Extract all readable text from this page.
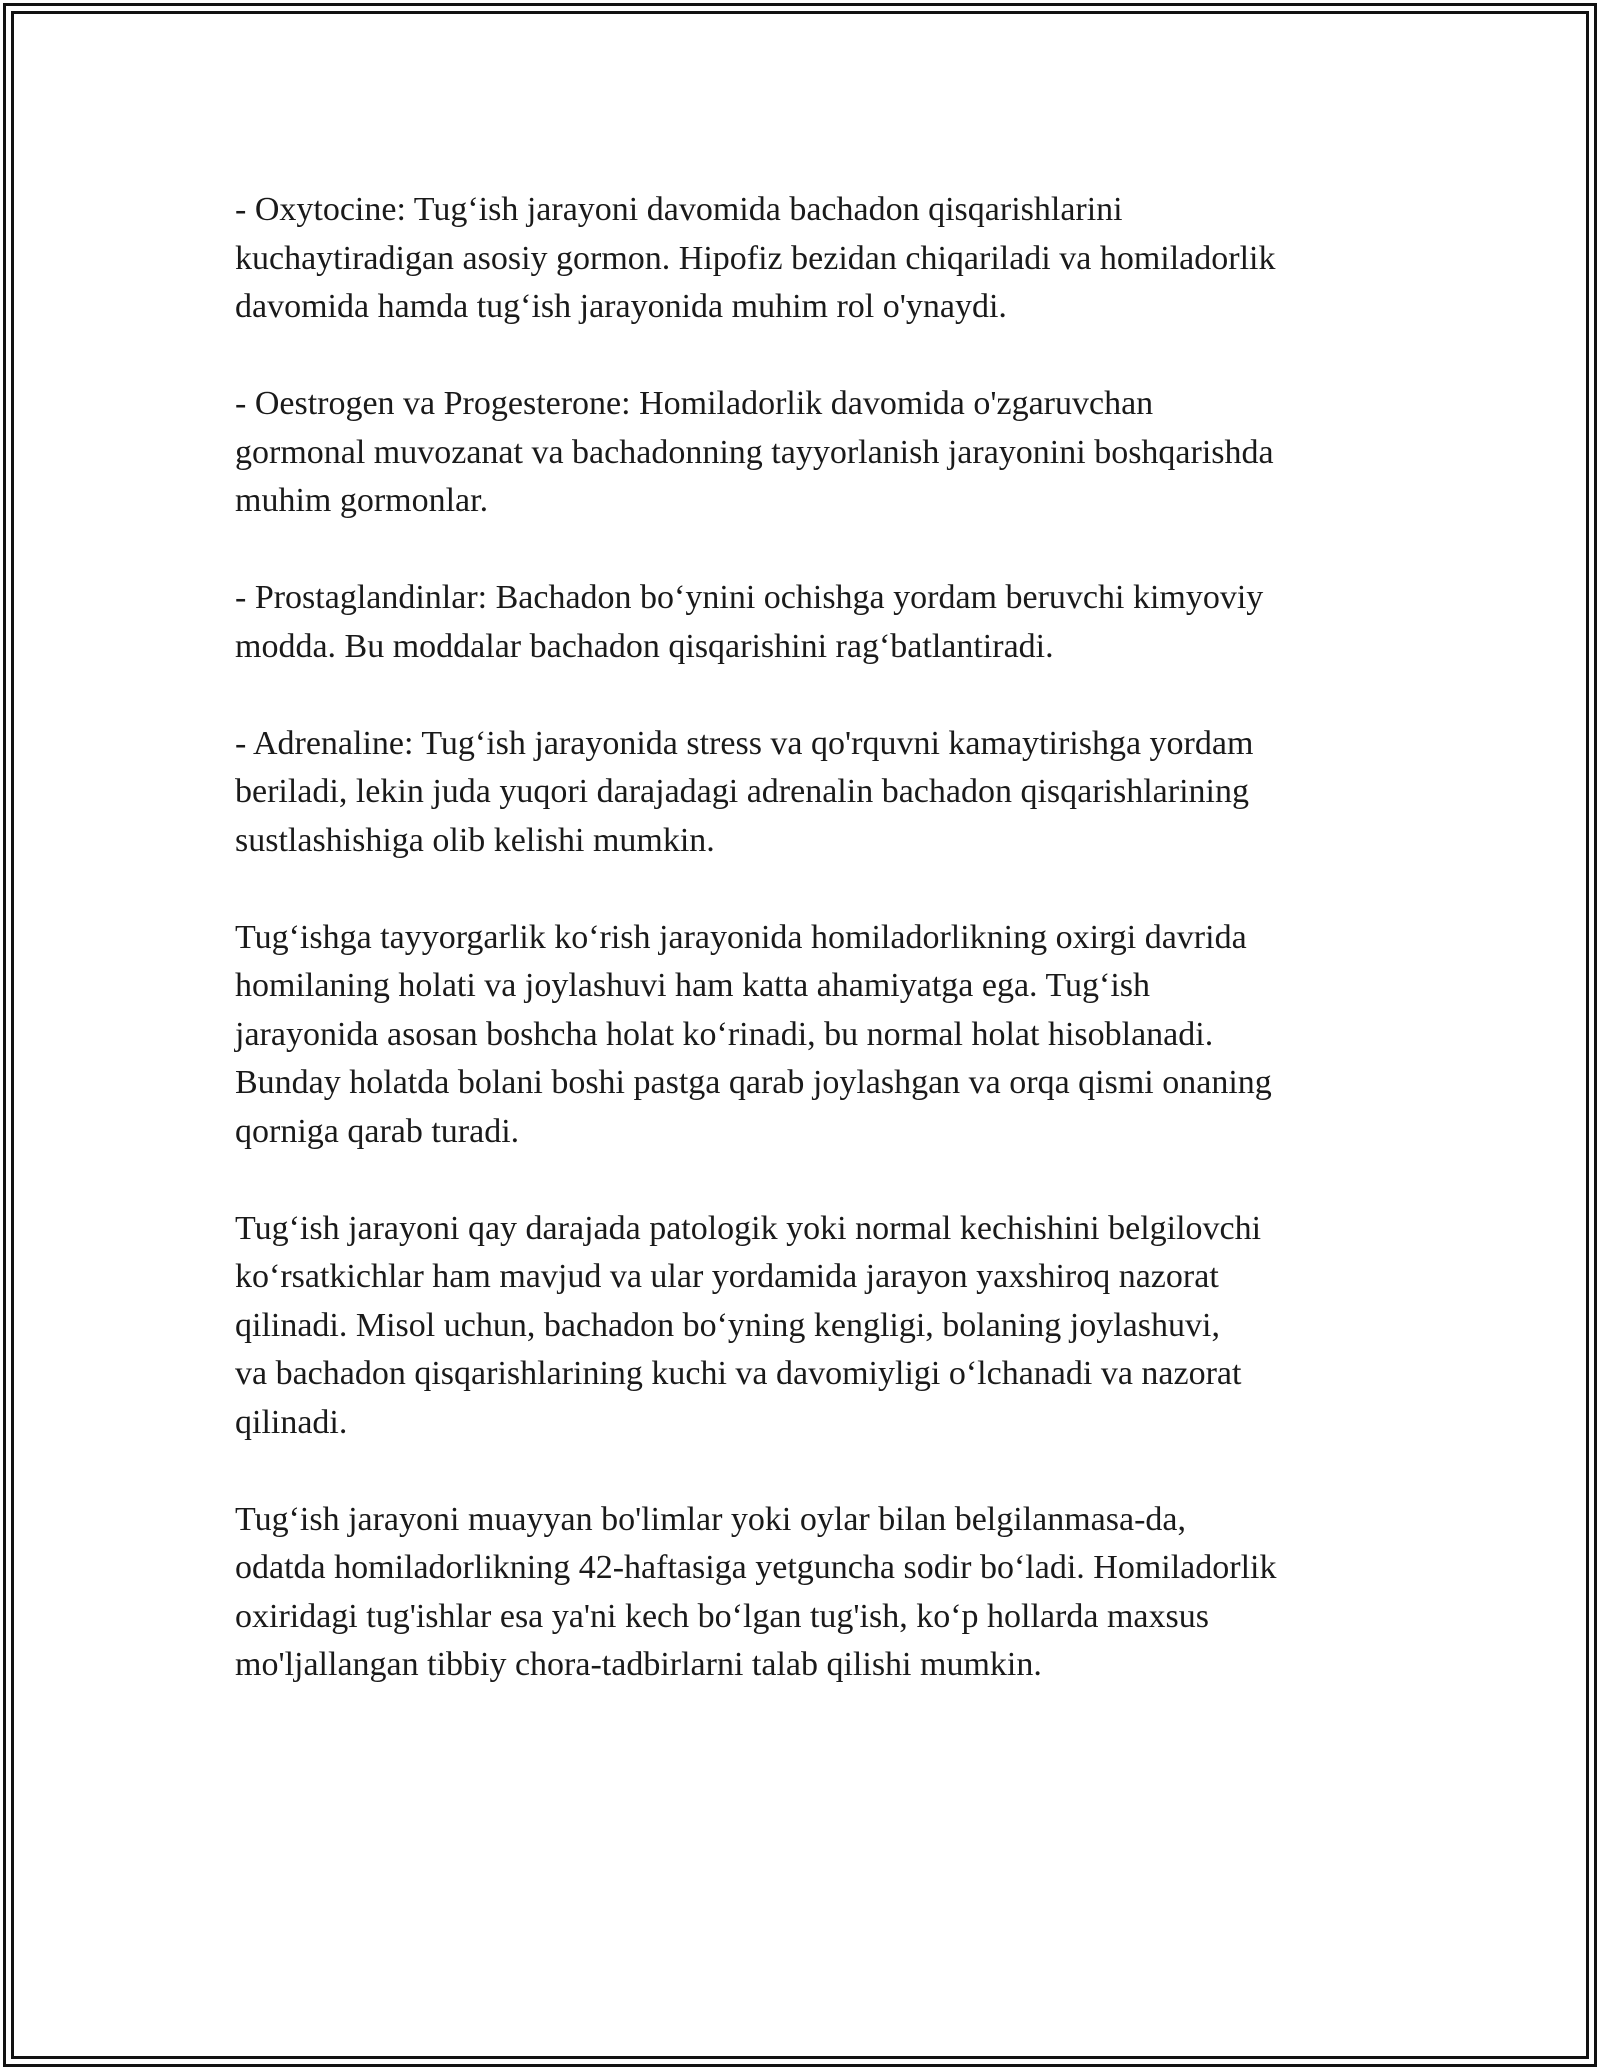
- Oxytocine: Tug‘ish jarayoni davomida bachadon qisqarishlarini
kuchaytiradigan asosiy gormon. Hipofiz bezidan chiqariladi va homiladorlik
davomida hamda tug‘ish jarayonida muhim rol o'ynaydi.

- Oestrogen va Progesterone: Homiladorlik davomida o'zgaruvchan
gormonal muvozanat va bachadonning tayyorlanish jarayonini boshqarishda
muhim gormonlar.

- Prostaglandinlar: Bachadon bo‘ynini ochishga yordam beruvchi kimyoviy
modda. Bu moddalar bachadon qisqarishini rag‘batlantiradi.

- Adrenaline: Tug‘ish jarayonida stress va qo'rquvni kamaytirishga yordam
beriladi, lekin juda yuqori darajadagi adrenalin bachadon qisqarishlarining
sustlashishiga olib kelishi mumkin.

Tug‘ishga tayyorgarlik ko‘rish jarayonida homiladorlikning oxirgi davrida
homilaning holati va joylashuvi ham katta ahamiyatga ega. Tug‘ish
jarayonida asosan boshcha holat ko‘rinadi, bu normal holat hisoblanadi.
Bunday holatda bolani boshi pastga qarab joylashgan va orqa qismi onaning
qorniga qarab turadi.

Tug‘ish jarayoni qay darajada patologik yoki normal kechishini belgilovchi
ko‘rsatkichlar ham mavjud va ular yordamida jarayon yaxshiroq nazorat
qilinadi. Misol uchun, bachadon bo‘yning kengligi, bolaning joylashuvi,
va bachadon qisqarishlarining kuchi va davomiyligi o‘lchanadi va nazorat
qilinadi.

Tug‘ish jarayoni muayyan bo'limlar yoki oylar bilan belgilanmasa-da,
odatda homiladorlikning 42-haftasiga yetguncha sodir bo‘ladi. Homiladorlik
oxiridagi tug'ishlar esa ya'ni kech bo‘lgan tug'ish, ko‘p hollarda maxsus
mo'ljallangan tibbiy chora-tadbirlarni talab qilishi mumkin.
